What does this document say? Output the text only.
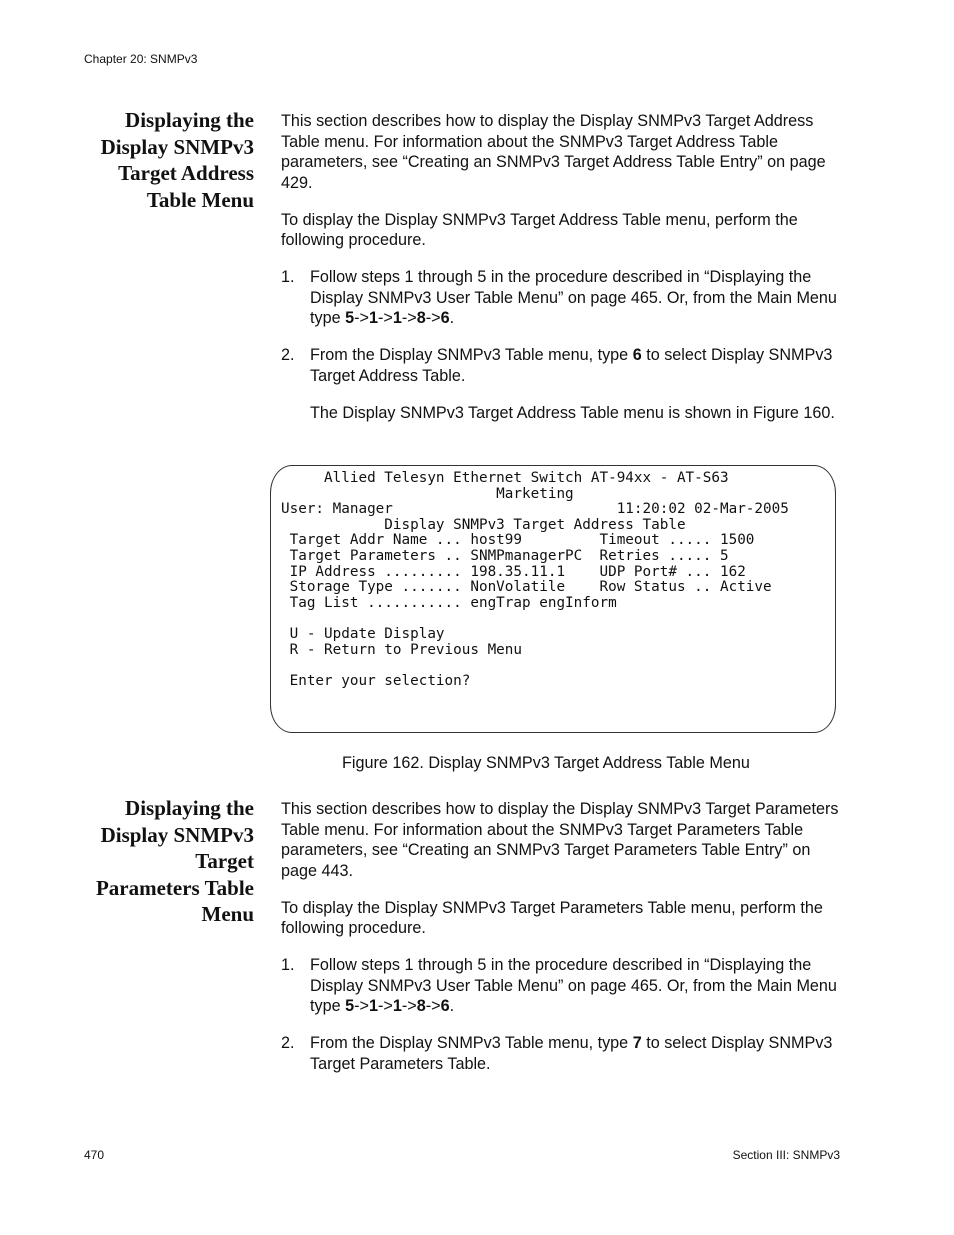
Chapter 20: SNMPv3
Displaying the
Display SNMPv3
Target Address
Table Menu

This section describes how to display the Display SNMPv3 Target Address Table menu. For information about the SNMPv3 Target Address Table parameters, see “Creating an SNMPv3 Target Address Table Entry” on page 429.

To display the Display SNMPv3 Target Address Table menu, perform the following procedure.

1. Follow steps 1 through 5 in the procedure described in “Displaying the Display SNMPv3 User Table Menu” on page 465. Or, from the Main Menu type 5->1->1->8->6.
2. From the Display SNMPv3 Table menu, type 6 to select Display SNMPv3 Target Address Table.

The Display SNMPv3 Target Address Table menu is shown in Figure 160.

Allied Telesyn Ethernet Switch AT-94xx - AT-S63
Marketing
User: Manager                          11:20:02 02-Mar-2005
Display SNMPv3 Target Address Table
Target Addr Name ... host99         Timeout ..... 1500
Target Parameters .. SNMPmanagerPC  Retries ..... 5
IP Address ......... 198.35.11.1    UDP Port# ... 162
Storage Type ....... NonVolatile    Row Status .. Active
Tag List ........... engTrap engInform

U - Update Display
R - Return to Previous Menu

Enter your selection?
Figure 162. Display SNMPv3 Target Address Table Menu
Displaying the
Display SNMPv3
Target
Parameters Table
Menu

This section describes how to display the Display SNMPv3 Target Parameters Table menu. For information about the SNMPv3 Target Parameters Table parameters, see “Creating an SNMPv3 Target Parameters Table Entry” on page 443.

To display the Display SNMPv3 Target Parameters Table menu, perform the following procedure.

1. Follow steps 1 through 5 in the procedure described in “Displaying the Display SNMPv3 User Table Menu” on page 465. Or, from the Main Menu type 5->1->1->8->6.
2. From the Display SNMPv3 Table menu, type 7 to select Display SNMPv3 Target Parameters Table.
470	Section III: SNMPv3
